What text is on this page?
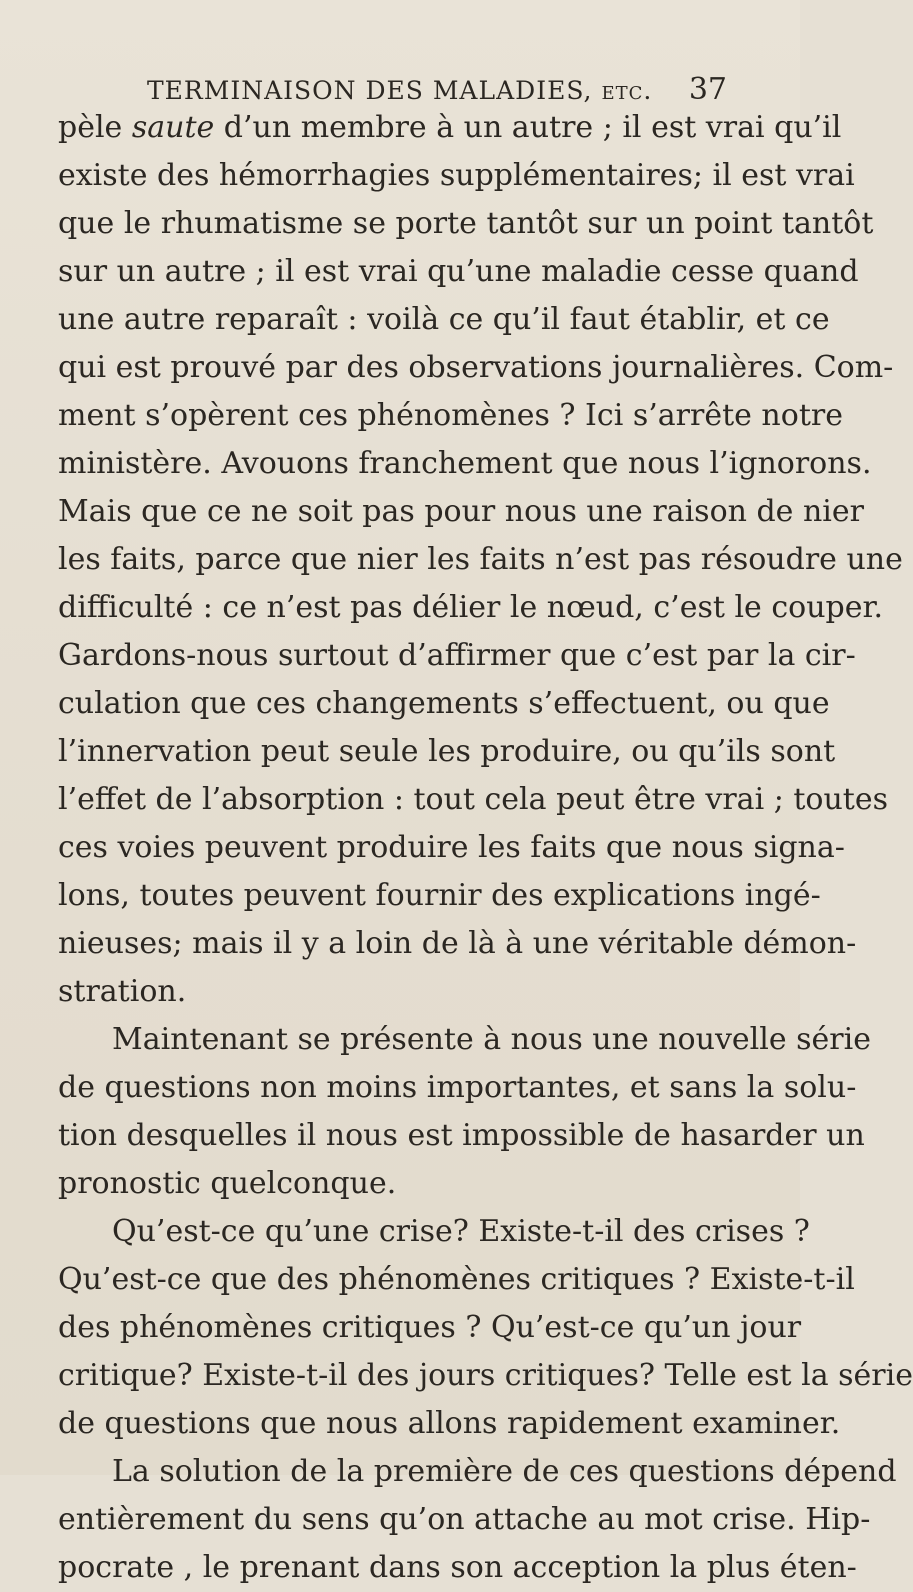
TERMINAISON DES MALADIES, etc. 37
pèle saute d’un membre à un autre ; il est vrai qu’il
existe des hémorrhagies supplémentaires; il est vrai
que le rhumatisme se porte tantôt sur un point tantôt
sur un autre ; il est vrai qu’une maladie cesse quand
une autre reparaît : voilà ce qu’il faut établir, et ce
qui est prouvé par des observations journalières. Com-
ment s’opèrent ces phénomènes ? Ici s’arrête notre
ministère. Avouons franchement que nous l’ignorons.
Mais que ce ne soit pas pour nous une raison de nier
les faits, parce que nier les faits n’est pas résoudre une
difficulté : ce n’est pas délier le nœud, c’est le couper.
Gardons-nous surtout d’affirmer que c’est par la cir-
culation que ces changements s’effectuent, ou que
l’innervation peut seule les produire, ou qu’ils sont
l’effet de l’absorption : tout cela peut être vrai ; toutes
ces voies peuvent produire les faits que nous signa-
lons, toutes peuvent fournir des explications ingé-
nieuses; mais il y a loin de là à une véritable démon-
stration.
Maintenant se présente à nous une nouvelle série
de questions non moins importantes, et sans la solu-
tion desquelles il nous est impossible de hasarder un
pronostic quelconque.
Qu’est-ce qu’une crise? Existe-t-il des crises ?
Qu’est-ce que des phénomènes critiques ? Existe-t-il
des phénomènes critiques ? Qu’est-ce qu’un jour
critique? Existe-t-il des jours critiques? Telle est la série
de questions que nous allons rapidement examiner.
La solution de la première de ces questions dépend
entièrement du sens qu’on attache au mot crise. Hip-
pocrate , le prenant dans son acception la plus éten-
